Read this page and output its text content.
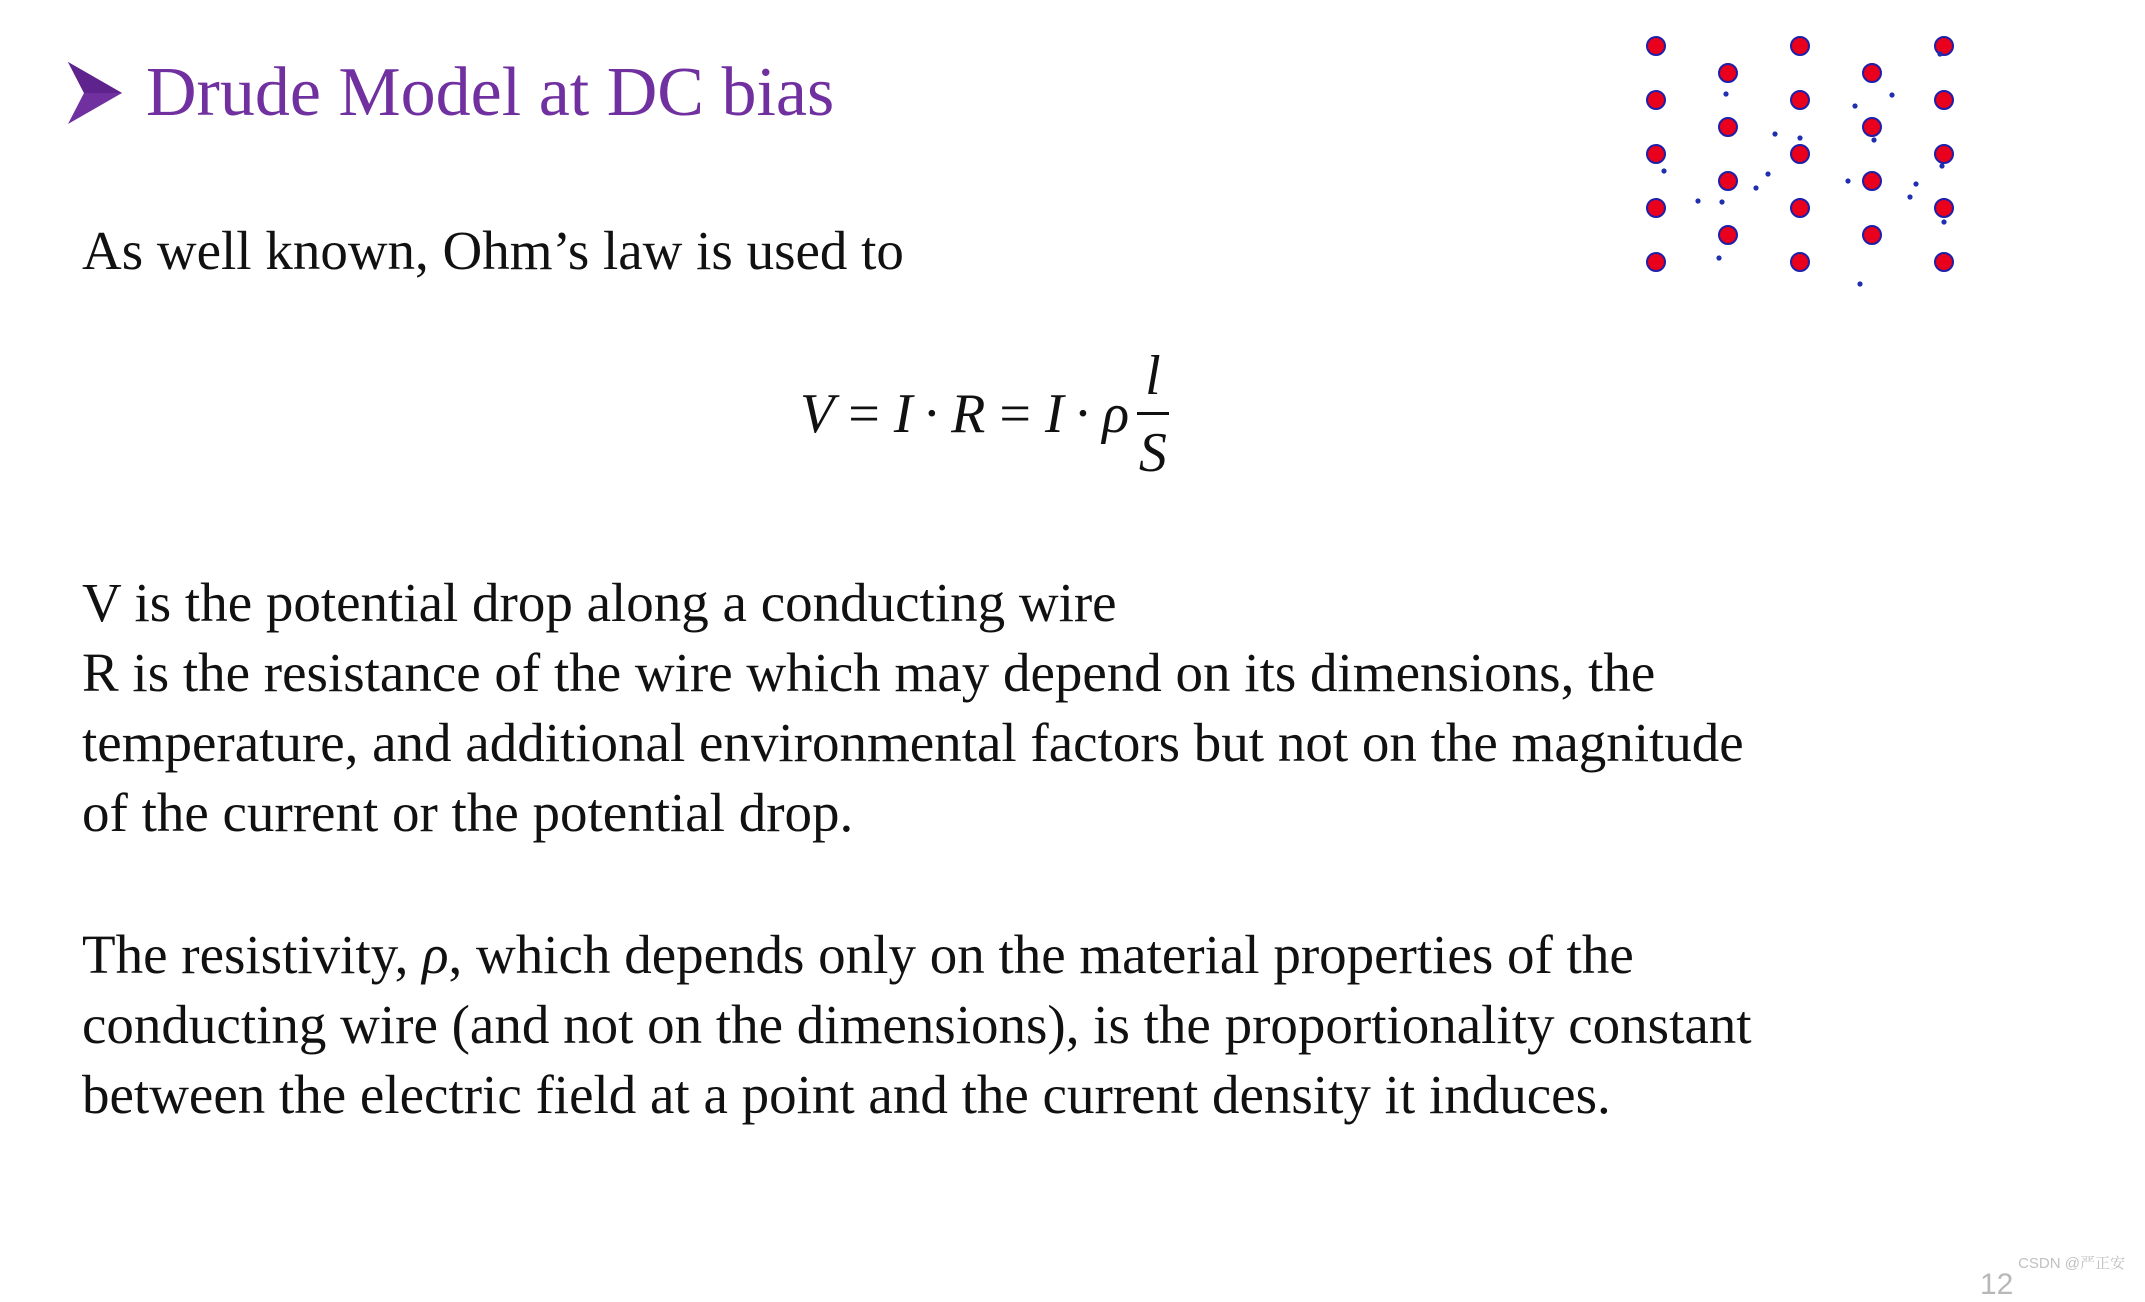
Drude Model at DC bias
As well known, Ohm’s law is used to
V = I · R = I · ρ $\frac{l}{S}$
V is the potential drop along a conducting wire
R is the resistance of the wire which may depend on its dimensions, the
temperature, and additional environmental factors but not on the magnitude
of the current or the potential drop.
The resistivity, ρ, which depends only on the material properties of the
conducting wire (and not on the dimensions), is the proportionality constant
between the electric field at a point and the current density it induces.
12
CSDN @严正安
